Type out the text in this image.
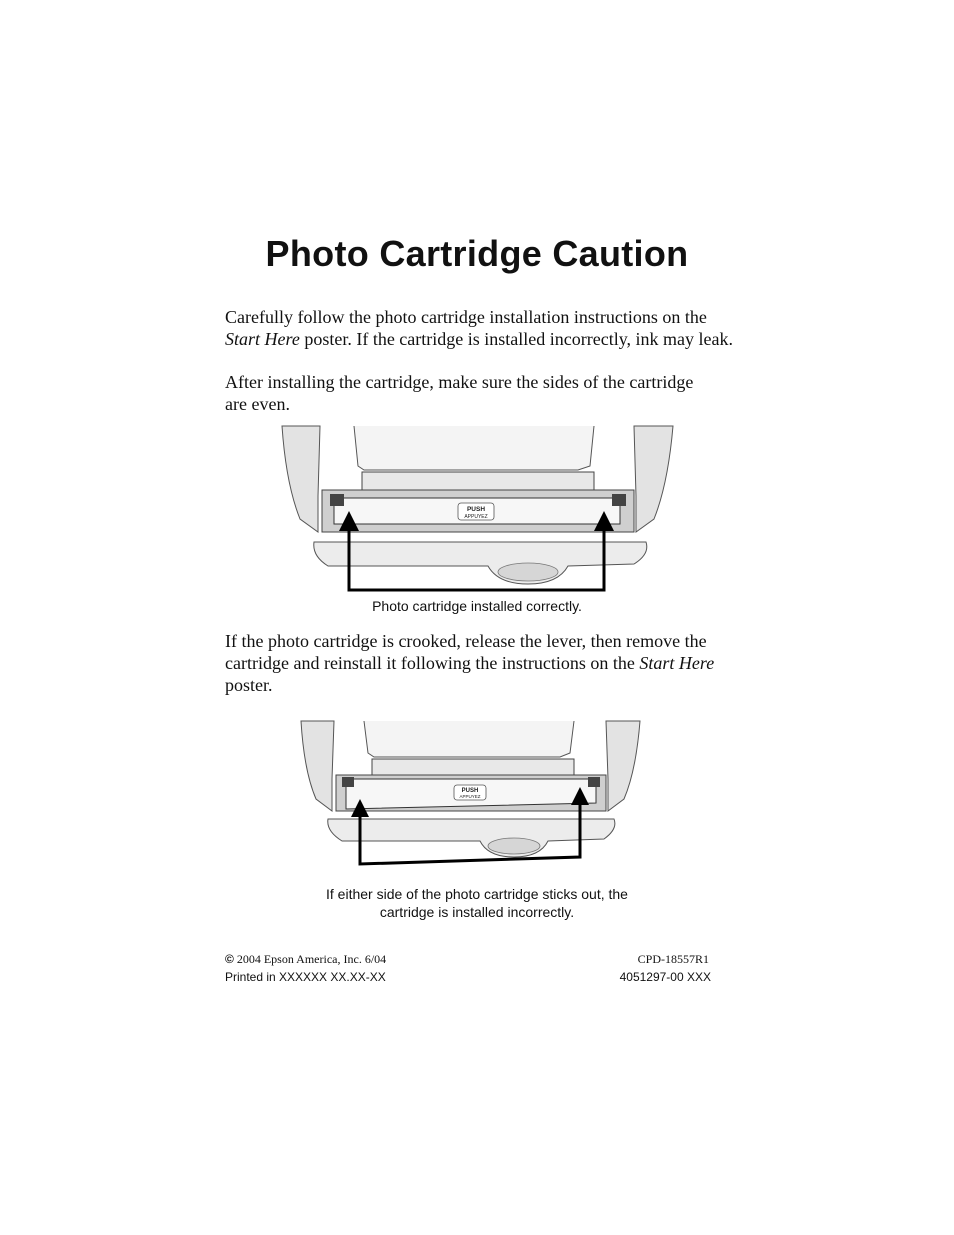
Photo Cartridge Caution

Carefully follow the photo cartridge installation instructions on the
Start Here poster. If the cartridge is installed incorrectly, ink may leak.

After installing the cartridge, make sure the sides of the cartridge
are even.

PUSH
APPUYEZ
Photo cartridge installed correctly.

If the photo cartridge is crooked, release the lever, then remove the
cartridge and reinstall it following the instructions on the Start Here
poster.

PUSH
APPUYEZ
If either side of the photo cartridge sticks out, the
cartridge is installed incorrectly.
© 2004 Epson America, Inc. 6/04
Printed in XXXXXX XX.XX-XX
CPD-18557R1
4051297-00 XXX
